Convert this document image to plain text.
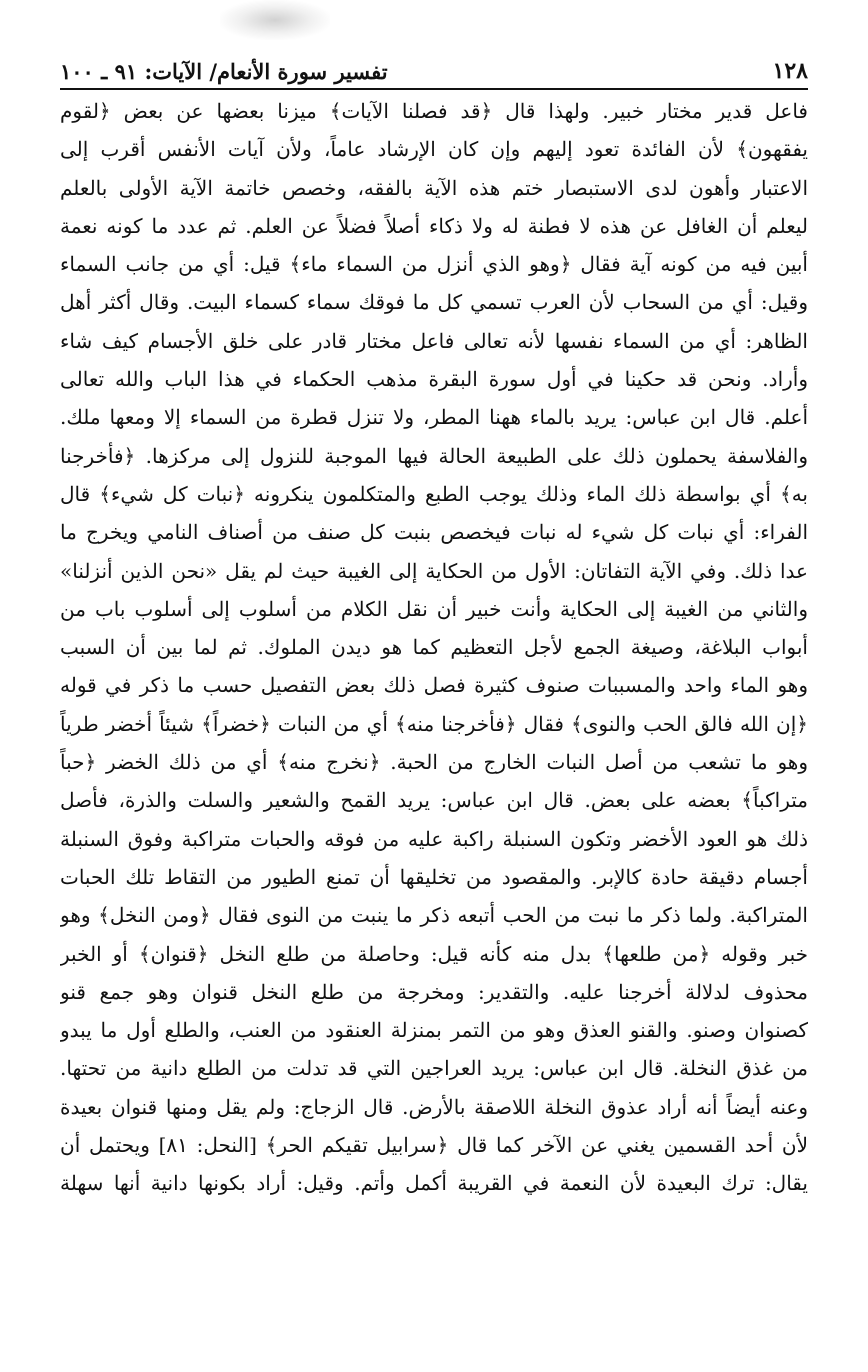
١٢٨
تفسير سورة الأنعام/ الآيات: ٩١ ـ ١٠٠
فاعل قدير مختار خبير. ولهذا قال ﴿قد فصلنا الآيات﴾ ميزنا بعضها عن بعض ﴿لقوم
يفقهون﴾ لأن الفائدة تعود إليهم وإن كان الإرشاد عاماً، ولأن آيات الأنفس أقرب إلى
الاعتبار وأهون لدى الاستبصار ختم هذه الآية بالفقه، وخصص خاتمة الآية الأولى بالعلم
ليعلم أن الغافل عن هذه لا فطنة له ولا ذكاء أصلاً فضلاً عن العلم. ثم عدد ما كونه نعمة
أبين فيه من كونه آية فقال ﴿وهو الذي أنزل من السماء ماء﴾ قيل: أي من جانب السماء
وقيل: أي من السحاب لأن العرب تسمي كل ما فوقك سماء كسماء البيت. وقال أكثر أهل
الظاهر: أي من السماء نفسها لأنه تعالى فاعل مختار قادر على خلق الأجسام كيف شاء
وأراد. ونحن قد حكينا في أول سورة البقرة مذهب الحكماء في هذا الباب والله تعالى
أعلم. قال ابن عباس: يريد بالماء ههنا المطر، ولا تنزل قطرة من السماء إلا ومعها ملك.
والفلاسفة يحملون ذلك على الطبيعة الحالة فيها الموجبة للنزول إلى مركزها. ﴿فأخرجنا
به﴾ أي بواسطة ذلك الماء وذلك يوجب الطبع والمتكلمون ينكرونه ﴿نبات كل شيء﴾ قال
الفراء: أي نبات كل شيء له نبات فيخصص بنبت كل صنف من أصناف النامي ويخرج ما
عدا ذلك. وفي الآية التفاتان: الأول من الحكاية إلى الغيبة حيث لم يقل «نحن الذين أنزلنا»
والثاني من الغيبة إلى الحكاية وأنت خبير أن نقل الكلام من أسلوب إلى أسلوب باب من
أبواب البلاغة، وصيغة الجمع لأجل التعظيم كما هو ديدن الملوك. ثم لما بين أن السبب
وهو الماء واحد والمسببات صنوف كثيرة فصل ذلك بعض التفصيل حسب ما ذكر في قوله
﴿إن الله فالق الحب والنوى﴾ فقال ﴿فأخرجنا منه﴾ أي من النبات ﴿خضراً﴾ شيئاً أخضر طرياً
وهو ما تشعب من أصل النبات الخارج من الحبة. ﴿نخرج منه﴾ أي من ذلك الخضر ﴿حباً
متراكباً﴾ بعضه على بعض. قال ابن عباس: يريد القمح والشعير والسلت والذرة، فأصل
ذلك هو العود الأخضر وتكون السنبلة راكبة عليه من فوقه والحبات متراكبة وفوق السنبلة
أجسام دقيقة حادة كالإبر. والمقصود من تخليقها أن تمنع الطيور من التقاط تلك الحبات
المتراكبة. ولما ذكر ما نبت من الحب أتبعه ذكر ما ينبت من النوى فقال ﴿ومن النخل﴾ وهو
خبر وقوله ﴿من طلعها﴾ بدل منه كأنه قيل: وحاصلة من طلع النخل ﴿قنوان﴾ أو الخبر
محذوف لدلالة أخرجنا عليه. والتقدير: ومخرجة من طلع النخل قنوان وهو جمع قنو
كصنوان وصنو. والقنو العذق وهو من التمر بمنزلة العنقود من العنب، والطلع أول ما يبدو
من غذق النخلة. قال ابن عباس: يريد العراجين التي قد تدلت من الطلع دانية من تحتها.
وعنه أيضاً أنه أراد عذوق النخلة اللاصقة بالأرض. قال الزجاج: ولم يقل ومنها قنوان بعيدة
لأن أحد القسمين يغني عن الآخر كما قال ﴿سرابيل تقيكم الحر﴾ [النحل: ٨١] ويحتمل أن
يقال: ترك البعيدة لأن النعمة في القريبة أكمل وأتم. وقيل: أراد بكونها دانية أنها سهلة
